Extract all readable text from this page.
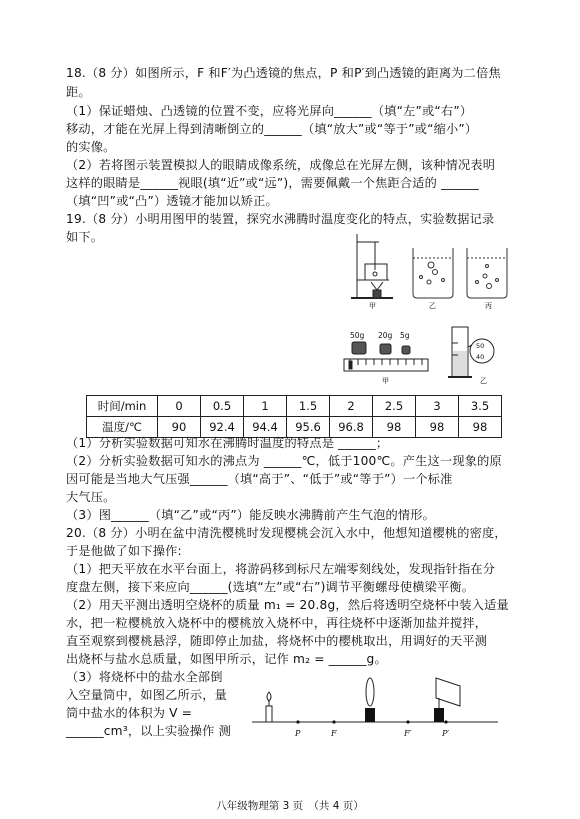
18.（8 分）如图所示，F 和F′为凸透镜的焦点，P 和P′到凸透镜的距离为二倍焦
距。
（1）保证蜡烛、凸透镜的位置不变，应将光屏向______（填“左”或“右”）
移动，才能在光屏上得到清晰倒立的______（填“放大”或“等于”或“缩小”）
的实像。
（2）若将图示装置模拟人的眼睛成像系统，成像总在光屏左侧，该种情况表明
这样的眼睛是______视眼(填“近”或“远”)，需要佩戴一个焦距合适的 ______
（填“凹”或“凸”）透镜才能加以矫正。
19.（8 分）小明用图甲的装置，探究水沸腾时温度变化的特点，实验数据记录
如下。
甲	乙	丙
50g 20g 5g
甲
50
40
乙
时间/min	0	0.5	1	1.5	2	2.5	3	3.5
温度/℃	90	92.4	94.4	95.6	96.8	98	98	98
（1）分析实验数据可知水在沸腾时温度的特点是 ______；
（2）分析实验数据可知水的沸点为 ______℃，低于100℃。产生这一现象的原
因可能是当地大气压强______（填“高于”、“低于”或“等于”）一个标准
大气压。
（3）图______（填“乙”或“丙”）能反映水沸腾前产生气泡的情形。
20.（8 分）小明在盆中清洗樱桃时发现樱桃会沉入水中，他想知道樱桃的密度，
于是他做了如下操作:
（1）把天平放在水平台面上，将游码移到标尺左端零刻线处，发现指针指在分
度盘左侧，接下来应向______(选填“左”或“右”)调节平衡螺母使横梁平衡。
（2）用天平测出透明空烧杯的质量 m₁ = 20.8g，然后将透明空烧杯中装入适量
水，把一粒樱桃放入烧杯中的樱桃放入烧杯中，再往烧杯中逐渐加盐并搅拌，
直至观察到樱桃悬浮，随即停止加盐，将烧杯中的樱桃取出，用调好的天平测
出烧杯与盐水总质量，如图甲所示，记作 m₂ = ______g。
（3）将烧杯中的盐水全部倒
入空量筒中，如图乙所示，量
筒中盐水的体积为 V =
______cm³，以上实验操作 测	P	F	F′	P′
八年级物理第 3 页　（共 4 页）
